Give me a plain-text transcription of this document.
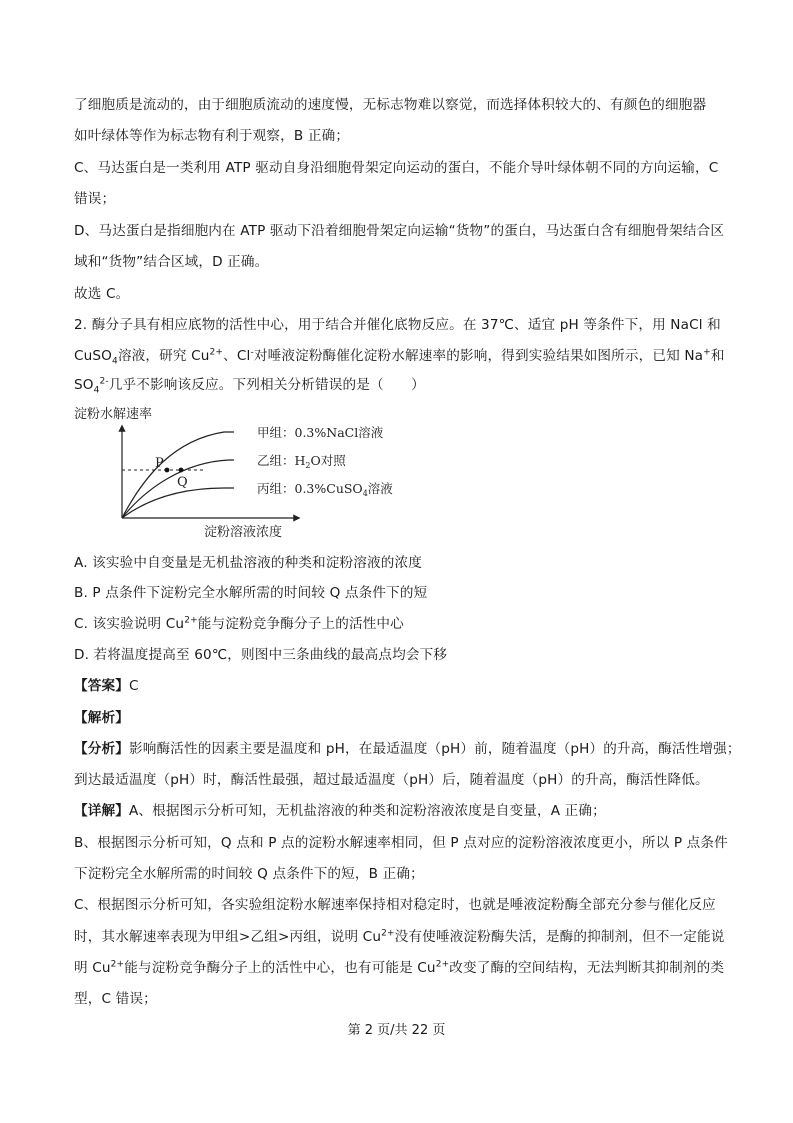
了细胞质是流动的，由于细胞质流动的速度慢，无标志物难以察觉，而选择体积较大的、有颜色的细胞器
如叶绿体等作为标志物有利于观察，B 正确；
C、马达蛋白是一类利用 ATP 驱动自身沿细胞骨架定向运动的蛋白，不能介导叶绿体朝不同的方向运输，C
错误；
D、马达蛋白是指细胞内在 ATP 驱动下沿着细胞骨架定向运输“货物”的蛋白，马达蛋白含有细胞骨架结合区
域和“货物”结合区域，D 正确。
故选 C。
2. 酶分子具有相应底物的活性中心，用于结合并催化底物反应。在 37℃、适宜 pH 等条件下，用 NaCl 和
CuSO$_4$溶液，研究 $Cu^{2+}$、Cl-对唾液淀粉酶催化淀粉水解速率的影响，得到实验结果如图所示，已知 Na+和
$SO_4^{2-}$几乎不影响该反应。下列相关分析错误的是（　　）
淀粉水解速率
P
Q
甲组：0.3%NaCl溶液
乙组：$H_2O$对照
丙组：0.3%CuSO$_4$溶液
淀粉溶液浓度
A. 该实验中自变量是无机盐溶液的种类和淀粉溶液的浓度
B. P 点条件下淀粉完全水解所需的时间较 Q 点条件下的短
C. 该实验说明 $Cu^{2+}$能与淀粉竞争酶分子上的活性中心
D. 若将温度提高至 60℃，则图中三条曲线的最高点均会下移
【答案】C
【解析】
【分析】影响酶活性的因素主要是温度和 pH，在最适温度（pH）前，随着温度（pH）的升高，酶活性增强；
到达最适温度（pH）时，酶活性最强，超过最适温度（pH）后，随着温度（pH）的升高，酶活性降低。
【详解】A、根据图示分析可知，无机盐溶液的种类和淀粉溶液浓度是自变量，A 正确；
B、根据图示分析可知，Q 点和 P 点的淀粉水解速率相同，但 P 点对应的淀粉溶液浓度更小，所以 P 点条件
下淀粉完全水解所需的时间较 Q 点条件下的短，B 正确；
C、根据图示分析可知，各实验组淀粉水解速率保持相对稳定时，也就是唾液淀粉酶全部充分参与催化反应
时，其水解速率表现为甲组>乙组>丙组，说明 $Cu^{2+}$没有使唾液淀粉酶失活，是酶的抑制剂，但不一定能说
明 $Cu^{2+}$能与淀粉竞争酶分子上的活性中心，也有可能是 $Cu^{2+}$改变了酶的空间结构，无法判断其抑制剂的类
型，C 错误；
第 2 页/共 22 页
